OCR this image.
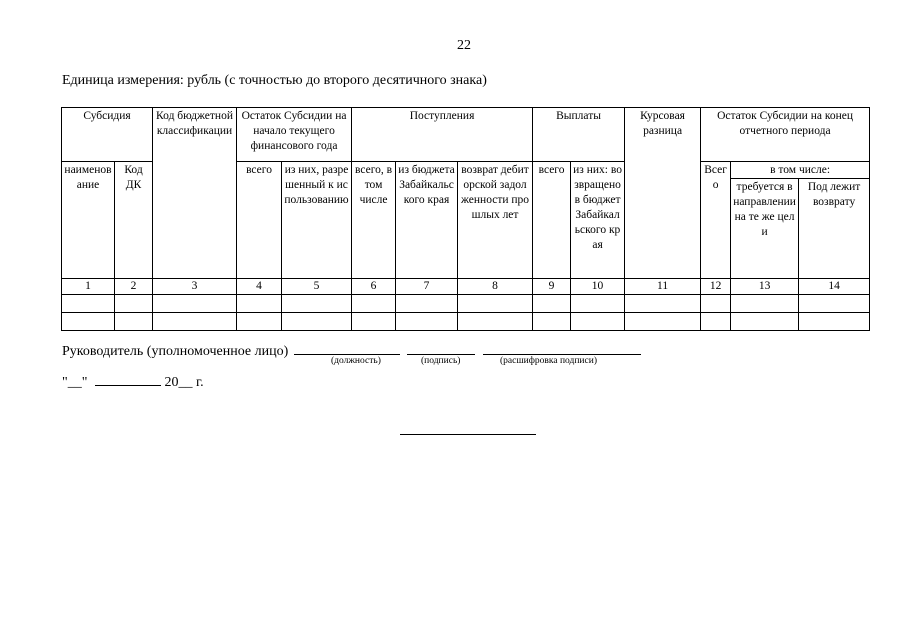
22
Единица измерения: рубль (с точностью до второго десятичного знака)
Субсидия		Код бюджетной классификации	Остаток Субсидии на начало текущего финансового года		Поступления			Выплаты		Курсовая разница	Остаток Субсидии на конец отчетного периода		
наименование	Код ДК		всего	из них, разрешенный к использованию	всего, в том числе	из бюджета Забайкальского края	возврат дебиторской задолженности прошлых лет	всего	из них: возвращено в бюджет Забайкальского края		Всего	в том числе:	
												требуется в направлении на те же цели	Под лежит возврату
1	2	3	4	5	6	7	8	9	10	11	12	13	14

Руководитель (уполномоченное лицо)
(должность)	(подпись)	(расшифровка подписи)
"__"	20__ г.
